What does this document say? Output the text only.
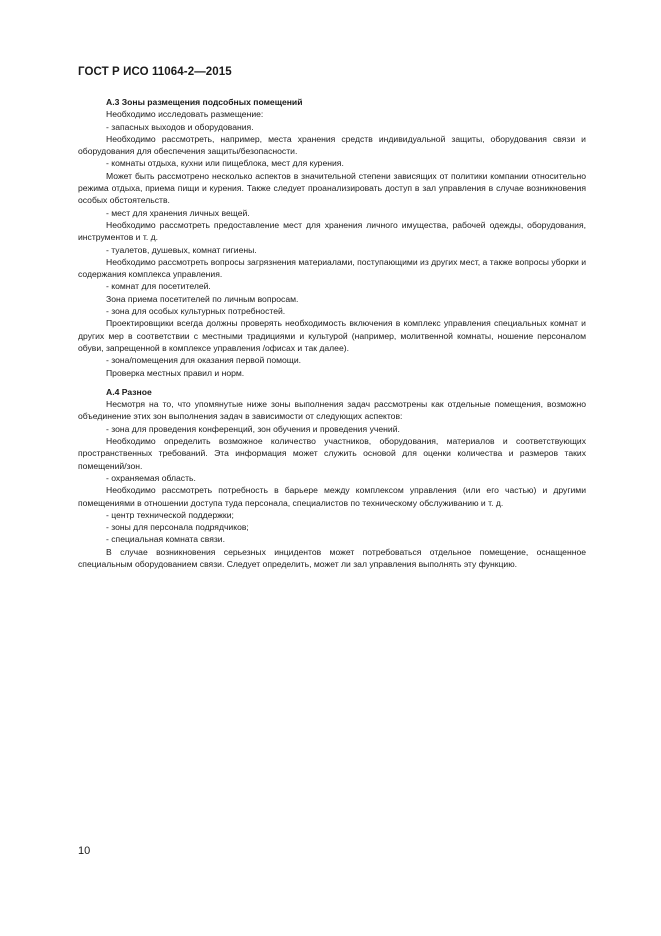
ГОСТ Р ИСО 11064-2—2015

А.3 Зоны размещения подсобных помещений

Необходимо исследовать размещение:

- запасных выходов и оборудования.

Необходимо рассмотреть, например, места хранения средств индивидуальной защиты, оборудования связи и оборудования для обеспечения защиты/безопасности.

- комнаты отдыха, кухни или пищеблока, мест для курения.

Может быть рассмотрено несколько аспектов в значительной степени зависящих от политики компании относительно режима отдыха, приема пищи и курения. Также следует проанализировать доступ в зал управления в случае возникновения особых обстоятельств.

- мест для хранения личных вещей.

Необходимо рассмотреть предоставление мест для хранения личного имущества, рабочей одежды, оборудования, инструментов и т. д.

- туалетов, душевых, комнат гигиены.

Необходимо рассмотреть вопросы загрязнения материалами, поступающими из других мест, а также вопросы уборки и содержания комплекса управления.

- комнат для посетителей.

Зона приема посетителей по личным вопросам.

- зона для особых культурных потребностей.

Проектировщики всегда должны проверять необходимость включения в комплекс управления специальных комнат и других мер в соответствии с местными традициями и культурой (например, молитвенной комнаты, ношение персоналом обуви, запрещенной в комплексе управления /офисах и так далее).

- зона/помещения для оказания первой помощи.

Проверка местных правил и норм.

А.4 Разное

Несмотря на то, что упомянутые ниже зоны выполнения задач рассмотрены как отдельные помещения, возможно объединение этих зон выполнения задач в зависимости от следующих аспектов:

- зона для проведения конференций, зон обучения и проведения учений.

Необходимо определить возможное количество участников, оборудования, материалов и соответствующих пространственных требований. Эта информация может служить основой для оценки количества и размеров таких помещений/зон.

- охраняемая область.

Необходимо рассмотреть потребность в барьере между комплексом управления (или его частью) и другими помещениями в отношении доступа туда персонала, специалистов по техническому обслуживанию и т. д.

- центр технической поддержки;

- зоны для персонала подрядчиков;

- специальная комната связи.

В случае возникновения серьезных инцидентов может потребоваться отдельное помещение, оснащенное специальным оборудованием связи. Следует определить, может ли зал управления выполнять эту функцию.

10
